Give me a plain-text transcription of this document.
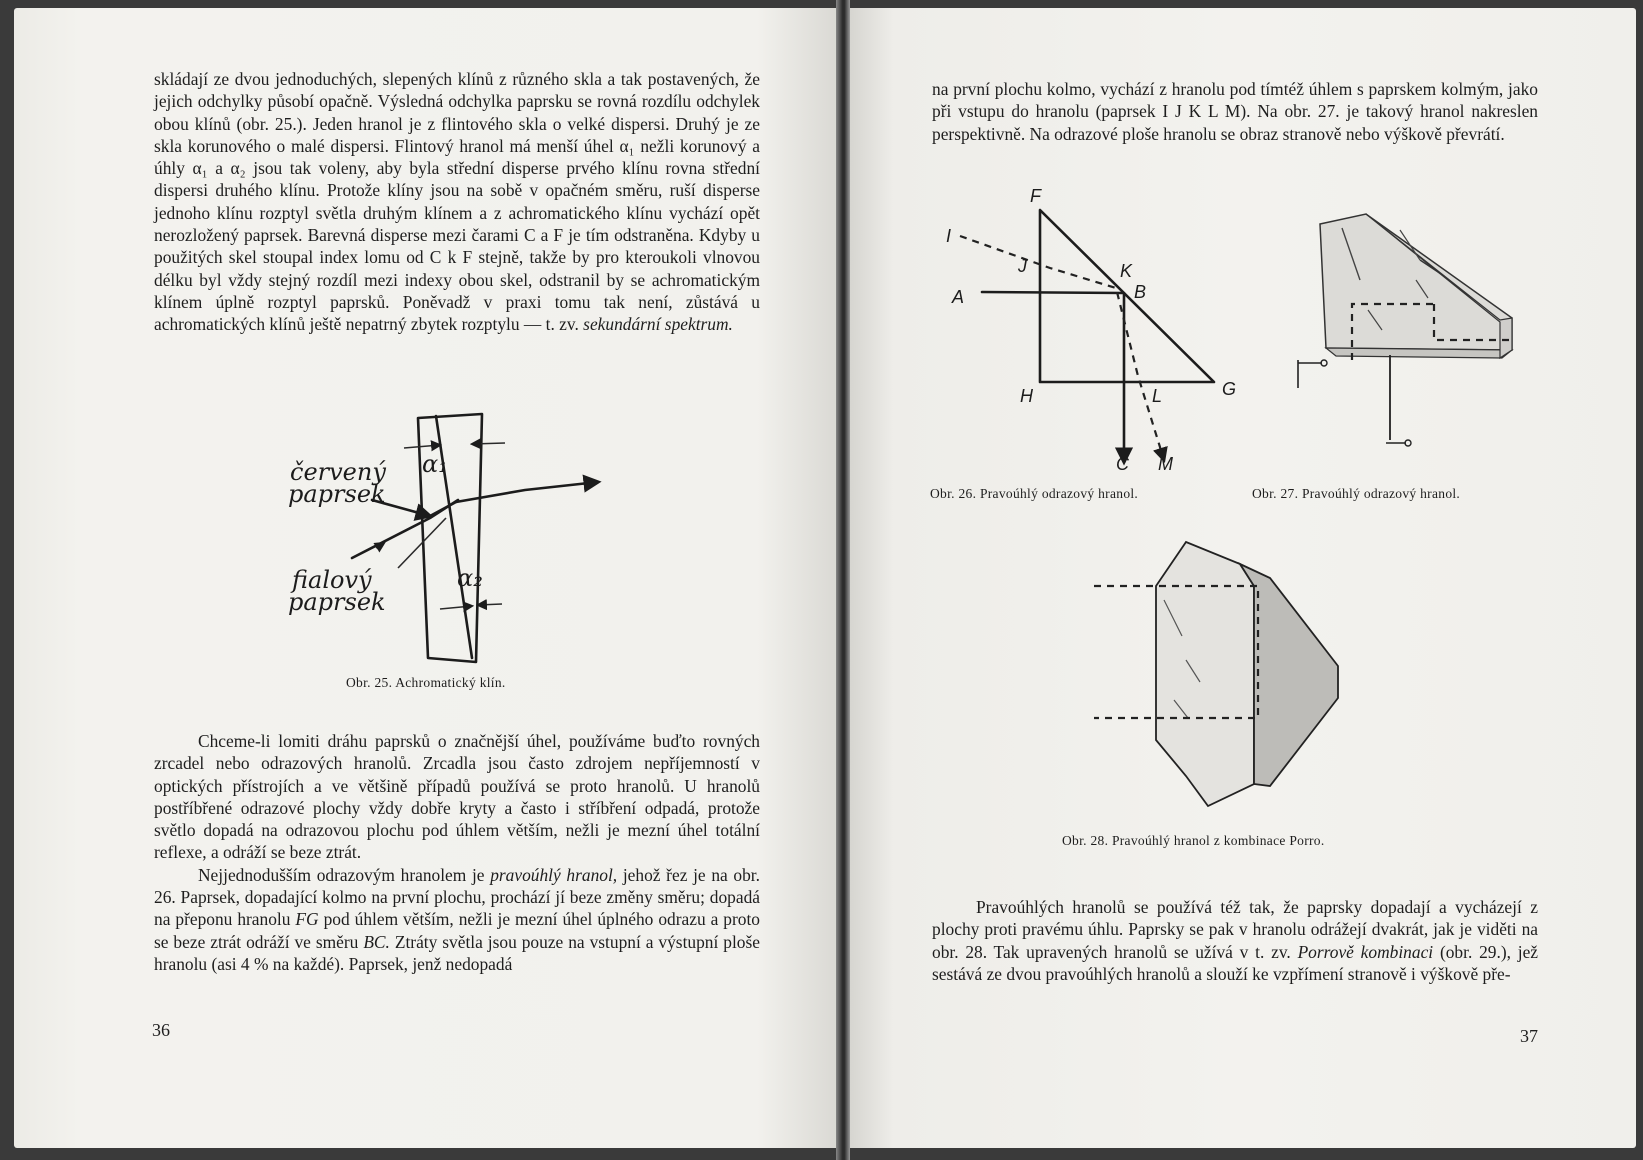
skládají ze dvou jednoduchých, slepených klínů z různého skla a tak postavených, že jejich odchylky působí opačně. Výsledná odchylka paprsku se rovná rozdílu odchylek obou klínů (obr. 25.). Jeden hranol je z flintového skla o velké dispersi. Druhý je ze skla korunového o malé dispersi. Flintový hranol má menší úhel α₁ nežli korunový a úhly α₁ a α₂ jsou tak voleny, aby byla střední disperse prvého klínu rovna střední dispersi druhého klínu. Protože klíny jsou na sobě v opačném směru, ruší disperse jednoho klínu rozptyl světla druhým klínem a z achromatického klínu vychází opět nerozložený paprsek. Barevná disperse mezi čarami C a F je tím odstraněna. Kdyby u použitých skel stoupal index lomu od C k F stejně, takže by pro kteroukoli vlnovou délku byl vždy stejný rozdíl mezi indexy obou skel, odstranil by se achromatickým klínem úplně rozptyl paprsků. Poněvadž v praxi tomu tak není, zůstává u achromatických klínů ještě nepatrný zbytek rozptylu — t. zv. sekundární spektrum.

α₁
α₂
červený
paprsek
fialový
paprsek
Obr. 25. Achromatický klín.

Chceme-li lomiti dráhu paprsků o značnější úhel, používáme buďto rovných zrcadel nebo odrazových hranolů. Zrcadla jsou často zdrojem nepříjemností v optických přístrojích a ve většině případů používá se proto hranolů. U hranolů postříbřené odrazové plochy vždy dobře kryty a často i stříbření odpadá, protože světlo dopadá na odrazovou plochu pod úhlem větším, nežli je mezní úhel totální reflexe, a odráží se beze ztrát.

Nejjednodušším odrazovým hranolem je pravoúhlý hranol, jehož řez je na obr. 26. Paprsek, dopadající kolmo na první plochu, prochází jí beze změny směru; dopadá na přeponu hranolu FG pod úhlem větším, nežli je mezní úhel úplného odrazu a proto se beze ztrát odráží ve směru BC. Ztráty světla jsou pouze na vstupní a výstupní ploše hranolu (asi 4 % na každé). Paprsek, jenž nedopadá

36

na první plochu kolmo, vychází z hranolu pod tímtéž úhlem s paprskem kolmým, jako při vstupu do hranolu (paprsek I J K L M). Na obr. 27. je takový hranol nakreslen perspektivně. Na odrazové ploše hranolu se obraz stranově nebo výškově převrátí.

F
I
J	K
B
A
H	L	G
C M
Obr. 26. Pravoúhlý odrazový hranol.	Obr. 27. Pravoúhlý odrazový hranol.
Obr. 28. Pravoúhlý hranol z kombinace Porro.

Pravoúhlých hranolů se používá též tak, že paprsky dopadají a vycházejí z plochy proti pravému úhlu. Paprsky se pak v hranolu odrážejí dvakrát, jak je viděti na obr. 28. Tak upravených hranolů se užívá v t. zv. Porrově kombinaci (obr. 29.), jež sestává ze dvou pravoúhlých hranolů a slouží ke vzpřímení stranově i výškově pře-

37
